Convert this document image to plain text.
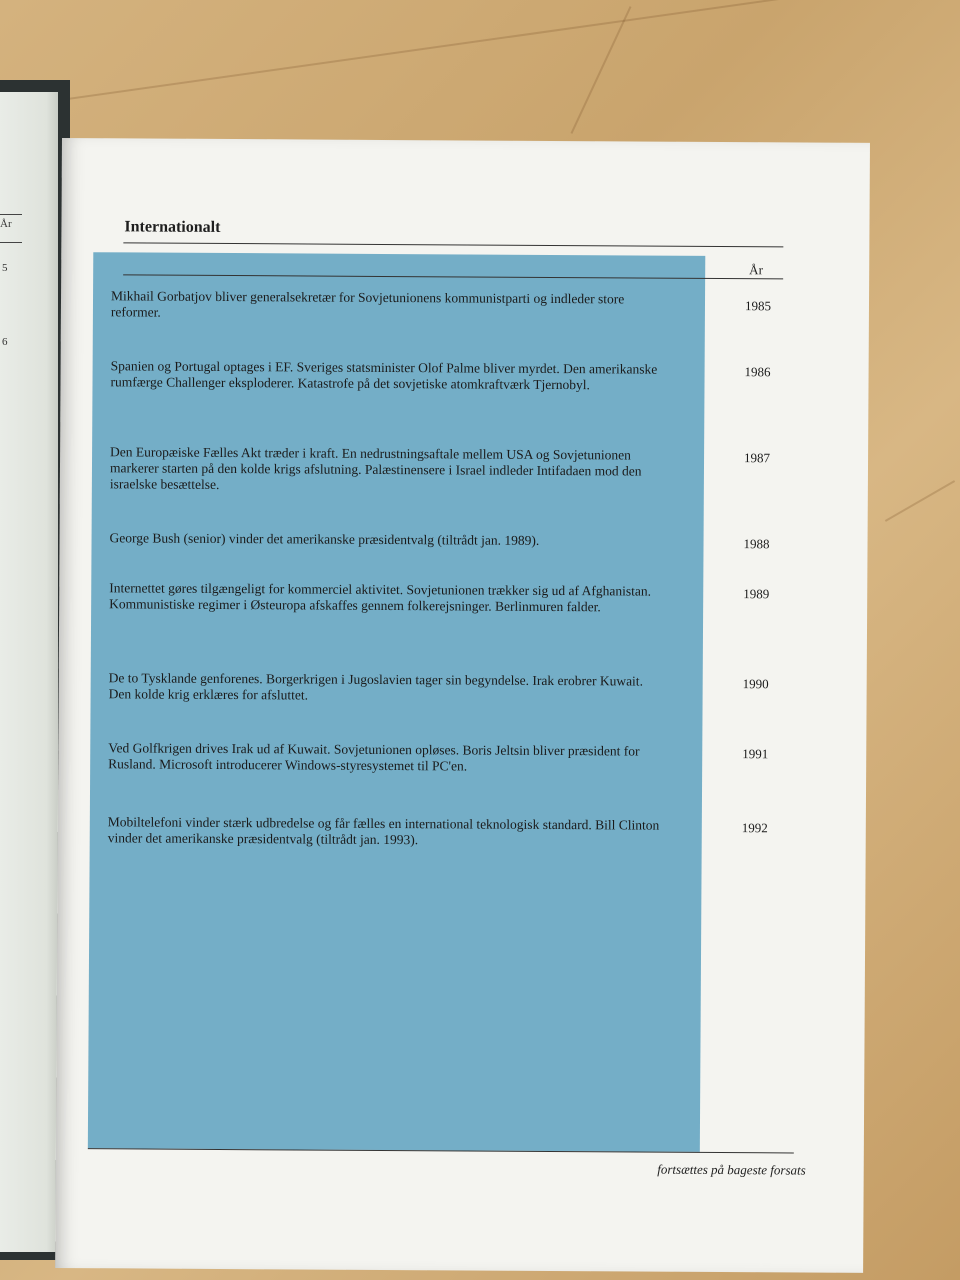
År
5
6
Internationalt
År

Mikhail Gorbatjov bliver generalsekretær for Sovjetunionens kommunistparti og indleder store reformer.	1985

Spanien og Portugal optages i EF. Sveriges statsminister Olof Palme bliver myrdet. Den amerikanske rumfærge Challenger eksploderer. Katastrofe på det sovjetiske atomkraftværk Tjernobyl.

1986

Den Europæiske Fælles Akt træder i kraft. En nedrustningsaftale mellem USA og Sovjetunionen markerer starten på den kolde krigs afslutning. Palæstinensere i Israel indleder Intifadaen mod den israelske besættelse.

1987

George Bush (senior) vinder det amerikanske præsidentvalg (tiltrådt jan. 1989).	1988

Internettet gøres tilgængeligt for kommerciel aktivitet. Sovjetunionen trækker sig ud af Afghanistan. Kommunistiske regimer i Østeuropa afskaffes gennem folkerejsninger. Berlinmuren falder.

1989

De to Tysklande genforenes. Borgerkrigen i Jugoslavien tager sin begyndelse. Irak erobrer Kuwait. Den kolde krig erklæres for afsluttet.

1990

Ved Golfkrigen drives Irak ud af Kuwait. Sovjetunionen opløses. Boris Jeltsin bliver præsident for Rusland. Microsoft introducerer Windows-styresystemet til PC'en.

1991

Mobiltelefoni vinder stærk udbredelse og får fælles en international teknologisk standard. Bill Clinton vinder det amerikanske præsidentvalg (tiltrådt jan. 1993).

1992
fortsættes på bageste forsats
